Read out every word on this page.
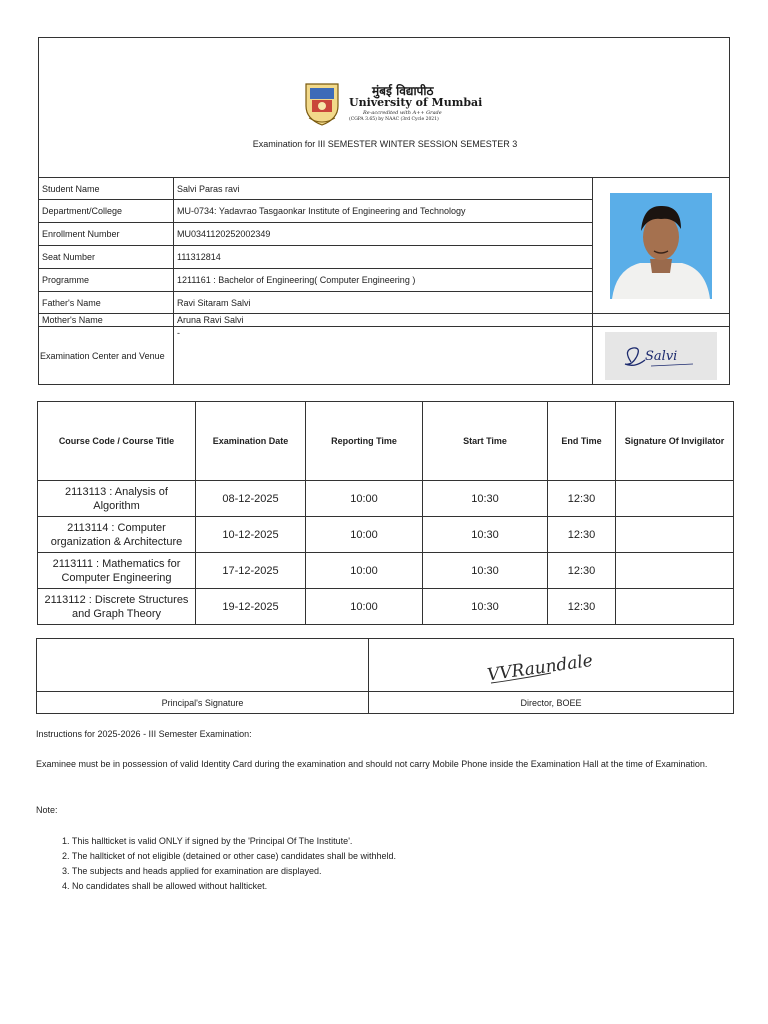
मुंबई विद्यापीठ
University of Mumbai
Re-accredited with A++ Grade
(CGPA 3.65) by NAAC (3rd Cycle 2021)
Examination for III SEMESTER WINTER SESSION SEMESTER 3
Student Name	Salvi Paras ravi	

Department/College	MU-0734: Yadavrao Tasgaonkar Institute of Engineering and Technology	
Enrollment Number	MU0341120252002349	
Seat Number	111312814	
Programme	1211161 : Bachelor of Engineering( Computer Engineering )	
Father's Name	Ravi Sitaram Salvi	
Mother's Name	Aruna Ravi Salvi	
Examination Center and Venue	-	Salvi
Course Code / Course Title	Examination Date	Reporting Time	Start Time	End Time	Signature Of Invigilator
2113113 : Analysis of Algorithm	08-12-2025	10:00	10:30	12:30	
2113114 : Computer organization & Architecture	10-12-2025	10:00	10:30	12:30	
2113111 : Mathematics for Computer Engineering	17-12-2025	10:00	10:30	12:30	
2113112 : Discrete Structures and Graph Theory	19-12-2025	10:00	10:30	12:30	

VVRaundale

Principal's Signature	Director, BOEE
Instructions for 2025-2026 - III Semester Examination:
Examinee must be in possession of valid Identity Card during the examination and should not carry Mobile Phone inside the Examination Hall at the time of Examination.
Note:
1. This hallticket is valid ONLY if signed by the 'Principal Of The Institute'.
2. The hallticket of not eligible (detained or other case) candidates shall be withheld.
3. The subjects and heads applied for examination are displayed.
4. No candidates shall be allowed without hallticket.
